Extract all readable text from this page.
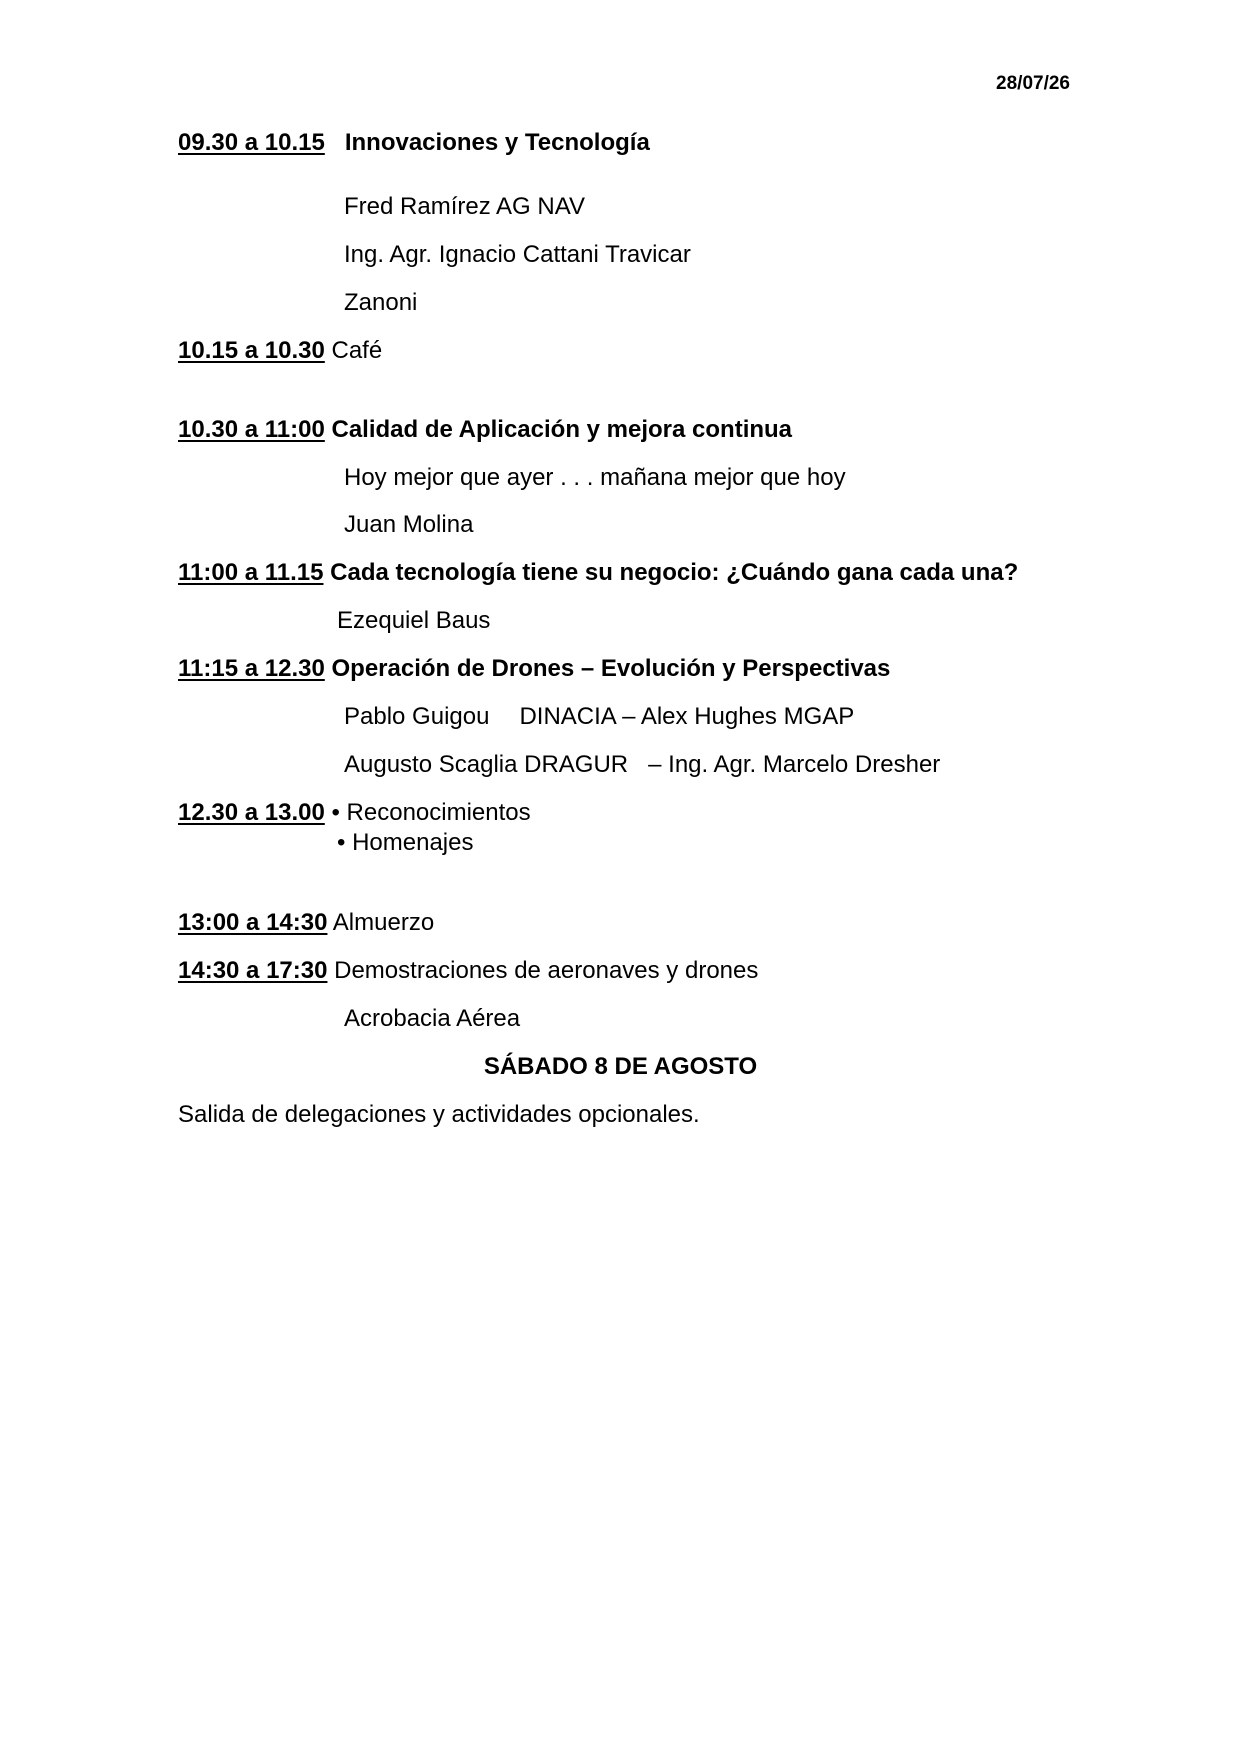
28/07/26
09.30 a 10.15 Innovaciones y Tecnología
Fred Ramírez AG NAV
Ing. Agr. Ignacio Cattani Travicar
Zanoni
10.15 a 10.30 Café
10.30 a 11:00 Calidad de Aplicación y mejora continua
Hoy mejor que ayer . . . mañana mejor que hoy
Juan Molina
11:00 a 11.15 Cada tecnología tiene su negocio: ¿Cuándo gana cada una?
Ezequiel Baus
11:15 a 12.30 Operación de Drones – Evolución y Perspectivas
Pablo Guigou DINACIA – Alex Hughes MGAP
Augusto Scaglia DRAGUR – Ing. Agr. Marcelo Dresher
12.30 a 13.00 • Reconocimientos
• Homenajes
13:00 a 14:30 Almuerzo
14:30 a 17:30 Demostraciones de aeronaves y drones
Acrobacia Aérea
SÁBADO 8 DE AGOSTO
Salida de delegaciones y actividades opcionales.
